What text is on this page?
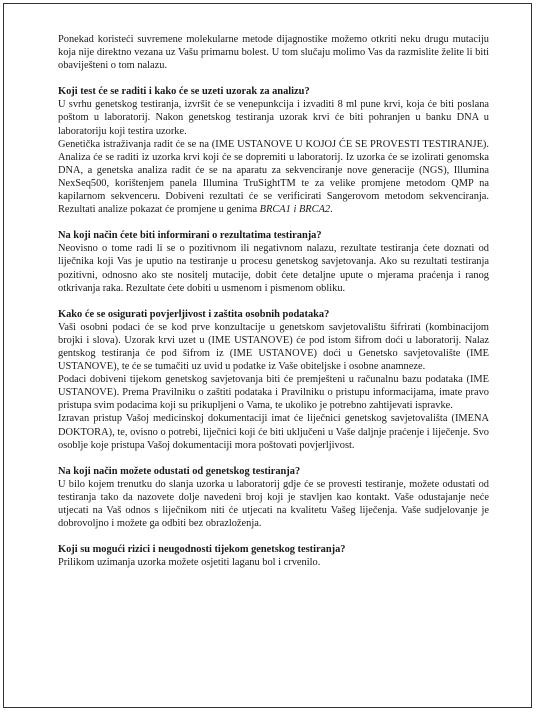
Ponekad koristeći suvremene molekularne metode dijagnostike možemo otkriti neku drugu mutaciju koja nije direktno vezana uz Vašu primarnu bolest. U tom slučaju molimo Vas da razmislite želite li biti obaviješteni o tom nalazu.

Koji test će se raditi i kako će se uzeti uzorak za analizu?

U svrhu genetskog testiranja, izvršit će se venepunkcija i izvaditi 8 ml pune krvi, koja će biti poslana poštom u laboratorij. Nakon genetskog testiranja uzorak krvi će biti pohranjen u banku DNA u laboratoriju koji testira uzorke.

Genetička istraživanja radit će se na (IME USTANOVE U KOJOJ ĆE SE PROVESTI TESTIRANJE). Analiza će se raditi iz uzorka krvi koji će se dopremiti u laboratorij. Iz uzorka će se izolirati genomska DNA, a genetska analiza radit će se na aparatu za sekvenciranje nove generacije (NGS), Illumina NexSeq500, korištenjem panela Illumina TruSightTM te za velike promjene metodom QMP na kapilarnom sekvenceru. Dobiveni rezultati će se verificirati Sangerovom metodom sekvenciranja. Rezultati analize pokazat će promjene u genima BRCA1 i BRCA2.

Na koji način ćete biti informirani o rezultatima testiranja?

Neovisno o tome radi li se o pozitivnom ili negativnom nalazu, rezultate testiranja ćete doznati od liječnika koji Vas je uputio na testiranje u procesu genetskog savjetovanja. Ako su rezultati testiranja pozitivni, odnosno ako ste nositelj mutacije, dobit ćete detaljne upute o mjerama praćenja i ranog otkrivanja raka. Rezultate ćete dobiti u usmenom i pismenom obliku.

Kako će se osigurati povjerljivost i zaštita osobnih podataka?

Vaši osobni podaci će se kod prve konzultacije u genetskom savjetovalištu šifrirati (kombinacijom brojki i slova). Uzorak krvi uzet u (IME USTANOVE) će pod istom šifrom doći u laboratorij. Nalaz gentskog testiranja će pod šifrom iz (IME USTANOVE) doći u Genetsko savjetovalište (IME USTANOVE), te će se tumačiti uz uvid u podatke iz Vaše obiteljske i osobne anamneze.

Podaci dobiveni tijekom genetskog savjetovanja biti će premješteni u računalnu bazu podataka (IME USTANOVE). Prema Pravilniku o zaštiti podataka i Pravilniku o pristupu informacijama, imate pravo pristupa svim podacima koji su prikupljeni o Vama, te ukoliko je potrebno zahtijevati ispravke.

Izravan pristup Vašoj medicinskoj dokumentaciji imat će liječnici genetskog savjetovališta (IMENA DOKTORA), te, ovisno o potrebi, liječnici koji će biti uključeni u Vaše daljnje praćenje i liječenje. Svo osoblje koje pristupa Vašoj dokumentaciji mora poštovati povjerljivost.

Na koji način možete odustati od genetskog testiranja?

U bilo kojem trenutku do slanja uzorka u laboratorij gdje će se provesti testiranje, možete odustati od testiranja tako da nazovete dolje navedeni broj koji je stavljen kao kontakt. Vaše odustajanje neće utjecati na Vaš odnos s liječnikom niti će utjecati na kvalitetu Vašeg liječenja. Vaše sudjelovanje je dobrovoljno i možete ga odbiti bez obrazloženja.

Koji su mogući rizici i neugodnosti tijekom genetskog testiranja?

Prilikom uzimanja uzorka možete osjetiti laganu bol i crvenilo.
